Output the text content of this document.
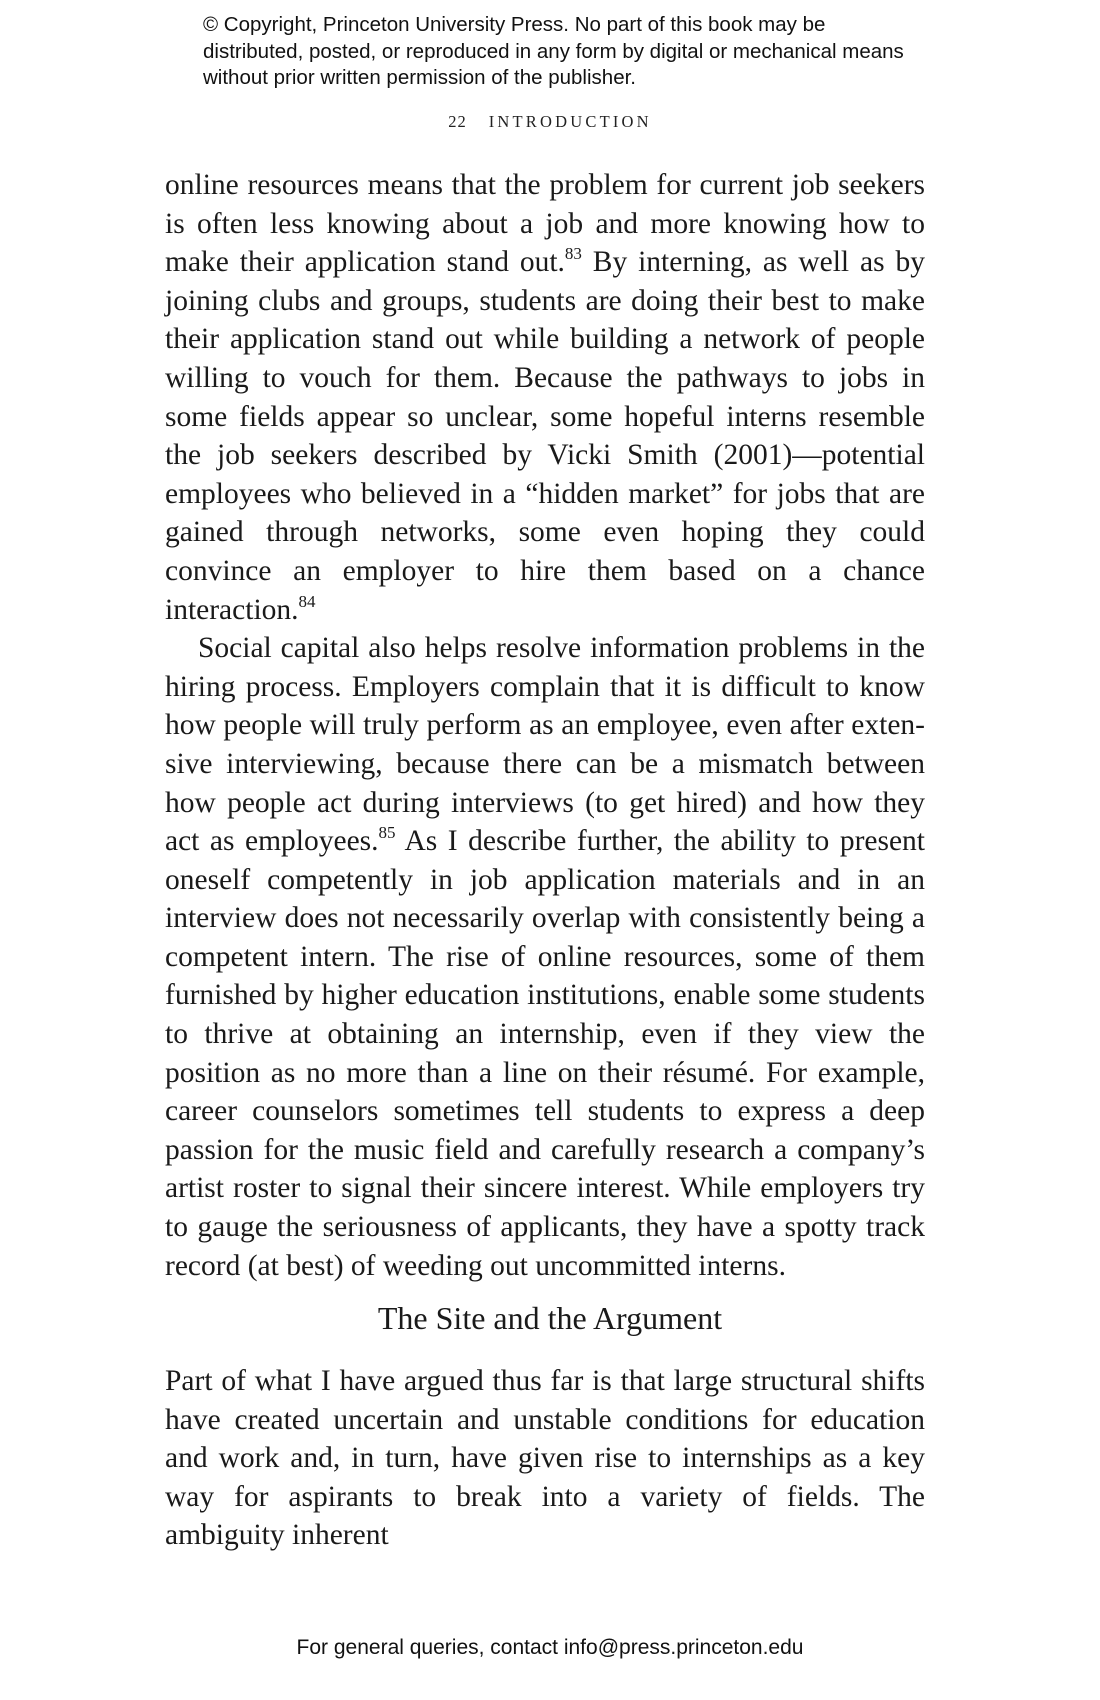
© Copyright, Princeton University Press. No part of this book may be distributed, posted, or reproduced in any form by digital or mechanical means without prior written permission of the publisher.
22 INTRODUCTION

online resources means that the problem for current job seekers is often less knowing about a job and more knowing how to make their application stand out.$^{83}$ By interning, as well as by joining clubs and groups, students are doing their best to make their application stand out while building a network of people willing to vouch for them. Because the pathways to jobs in some fields appear so unclear, some hopeful interns resemble the job seekers described by Vicki Smith (2001)—potential employees who believed in a “hidden market” for jobs that are gained through networks, some even hoping they could convince an employer to hire them based on a chance interaction.$^{84}$

Social capital also helps resolve information problems in the hiring process. Employers complain that it is difficult to know how people will truly perform as an employee, even after extensive interviewing, because there can be a mismatch between how people act during interviews (to get hired) and how they act as employees.$^{85}$ As I describe further, the ability to present oneself competently in job application materials and in an interview does not necessarily overlap with consistently being a competent intern. The rise of online resources, some of them furnished by higher education institutions, enable some students to thrive at obtaining an internship, even if they view the position as no more than a line on their résumé. For example, career counselors sometimes tell students to express a deep passion for the music field and carefully research a company’s artist roster to signal their sincere interest. While employers try to gauge the seriousness of applicants, they have a spotty track record (at best) of weeding out uncommitted interns.

The Site and the Argument

Part of what I have argued thus far is that large structural shifts have created uncertain and unstable conditions for education and work and, in turn, have given rise to internships as a key way for aspirants to break into a variety of fields. The ambiguity inherent

For general queries, contact info@press.princeton.edu
